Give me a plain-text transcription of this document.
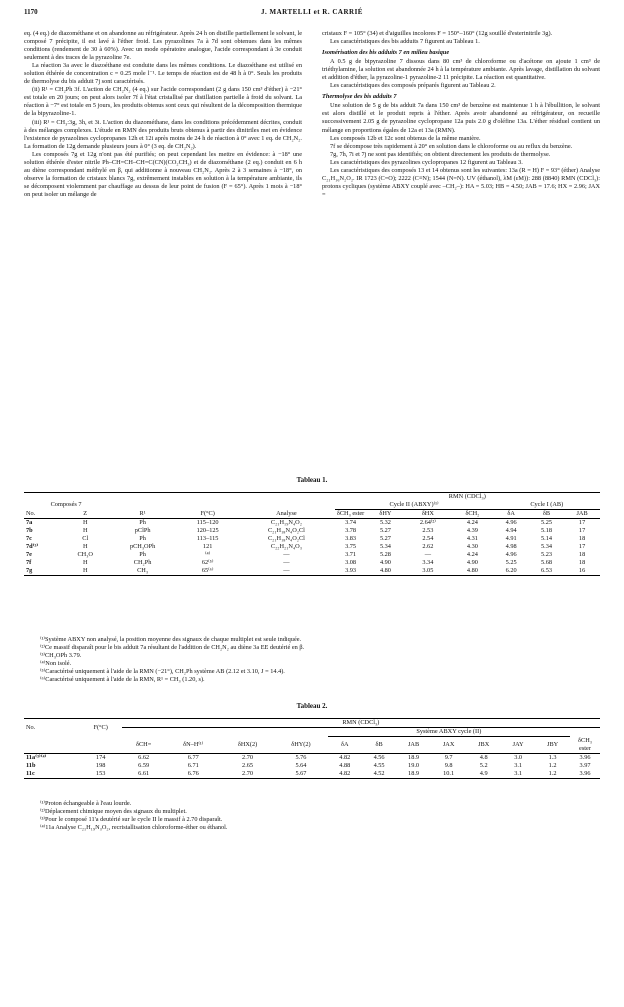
1170	J. MARTELLI et R. CARRIÉ

eq. (4 eq.) de diazométhane et on abandonne au réfrigérateur. Après 24 h on distille partiellement le solvant, le composé 7 précipite, il est lavé à l'éther froid. Les pyrazolines 7a à 7d sont obtenues dans les mêmes conditions (rendement de 30 à 60%). Avec un mode opératoire analogue, l'acide correspondant à 3e conduit seulement à des traces de la pyrazoline 7e.

La réaction 3a avec le diazoéthane est conduite dans les mêmes conditions. Le diazoéthane est utilisé en solution éthérée de concentration c = 0.25 mole l⁻¹. Le temps de réaction est de 48 h à 0°. Seuls les produits de thermolyse du bis adduit 7j sont caractérisés.

(ii) R¹ = CH₂Ph 3f. L'action de CH₂N₂ (4 eq.) sur l'acide correspondant (2 g dans 150 cm³ d'éther) à −21° est totale en 20 jours; on peut alors isoler 7f à l'état cristallisé par distillation partielle à froid du solvant. La réaction à −7° est totale en 5 jours, les produits obtenus sont ceux qui résultent de la décomposition thermique de la bipyrazoline-1.

(iii) R¹ = CH₃:3g, 3h, et 3i. L'action du diazométhane, dans les conditions précédemment décrites, conduit à des mélanges complexes. L'étude en RMN des produits bruts obtenus à partir des dinitriles met en évidence l'existence de pyrazolines cyclopropanes 12h et 12i après moins de 24 h de réaction à 0° avec 1 eq. de CH₂N₂. La formation de 12g demande plusieurs jours à 0° (3 eq. de CH₂N₂).

Les composés 7g et 12g n'ont pas été purifiés; on peut cependant les mettre en évidence: à −18° une solution éthérée d'ester nitrile Ph–CH=CH–CH=C(CN)(CO₂CH₃) et de diazométhane (2 eq.) conduit en 6 h au diène correspondant méthylé en β, qui additionne à nouveau CH₂N₂. Après 2 à 3 semaines à −18°, on observe la formation de cristaux blancs 7g, extrêmement instables en solution à la température ambiante, ils se décomposent violemment par chauffage au dessus de leur point de fusion (F = 65°). Après 1 mois à −18° on peut isoler un mélange de

cristaux F = 105° (34) et d'aiguilles incolores F = 150°–160° (12g souillé d'esterinitrile 3g).

Les caractéristiques des bis adduits 7 figurent au Tableau 1.

Isomérisation des bis adduits 7 en milieu basique

A 0.5 g de bipyrazoline 7 dissous dans 80 cm³ de chloroforme ou d'acétone on ajoute 1 cm³ de triéthylamine, la solution est abandonnée 24 h à la température ambiante. Après lavage, distillation du solvant et addition d'éther, la pyrazoline-1 pyrazoline-2 11 précipite. La réaction est quantitative.

Les caractéristiques des composés préparés figurent au Tableau 2.

Thermolyse des bis adduits 7

Une solution de 5 g de bis adduit 7a dans 150 cm³ de benzène est maintenue 1 h à l'ébullition, le solvant est alors distillé et le produit repris à l'éther. Après avoir abandonné au réfrigérateur, on recueille successivement 2.05 g de pyrazoline cyclopropane 12a puis 2.0 g d'oléfine 13a. L'éther résiduel contient un mélange en proportions égales de 12a et 13a (RMN).

Les composés 12b et 12c sont obtenus de la même manière.

7f se décompose très rapidement à 20° en solution dans le chloroforme ou au reflux du benzène.

7g, 7h, 7i et 7j ne sont pas identifiés; on obtient directement les produits de thermolyse.

Les caractéristiques des pyrazolines cyclopropanes 12 figurent au Tableau 3.

Les caractéristiques des composés 13 et 14 obtenus sont les suivantes: 13a (R = H) F = 93° (éther) Analyse C₂₁H₁₆N₂O₂. IR 1723 (C=O); 2222 (C≡N); 1544 (N=N). UV (éthanol), λM (εM)): 288 (8840) RMN (CDCl₃): protons cycliques (système ABXY couplé avec –CH₂–): HA = 5.03; HB = 4.50; JAB = 17.6; HX = 2.96; JAX =

Tableau 1.
					RMN (CDCl₃)						
Composés 7					Cycle II (ABXY)⁽¹⁾				Cycle I (AB)		
No.	Z	R¹	F(°C)	Analyse	δCH₃ ester	δHY	δHX	δCH₂	δA	δB	JAB
7a	H	Ph	115–120	C₂₁H₁₉N₄O₂	3.74	5.32	2.64⁽²⁾	4.24	4.96	5.25	17
7b	H	pClPh	120–125	C₂₁H₁₈N₄O₂Cl	3.78	5.27	2.53	4.39	4.94	5.18	17
7c	Cl	Ph	113–115	C₂₁H₁₈N₄O₂Cl	3.83	5.27	2.54	4.31	4.91	5.14	18
7d⁽³⁾	H	pCH₃OPh	121	C₂₂H₂₁N₄O₃	3.75	5.34	2.62	4.30	4.98	5.34	17
7e	CH₃O	Ph	⁽⁴⁾	—	3.71	5.28	—	4.24	4.96	5.23	18
7f	H	CH₂Ph	62⁽⁵⁾	—	3.08	4.90	3.34	4.90	5.25	5.68	18
7g	H	CH₃	65⁽⁶⁾	—	3.93	4.80	3.05	4.80	6.20	6.53	16
⁽¹⁾Système ABXY non analysé, la position moyenne des signaux de chaque multiplet est seule indiquée.
⁽²⁾Ce massif disparaît pour le bis adduit 7a résultant de l'addition de CH₂N₂ au diène 3a EE deutérié en β.
⁽³⁾CH₃OPh 3.79.
⁽⁴⁾Non isolé.
⁽⁵⁾Caractérisé uniquement à l'aide de la RMN (−21°), CH₂Ph système AB (2.12 et 3.10, J = 14.4).
⁽⁶⁾Caractérisé uniquement à l'aide de la RMN, R¹ = CH₃ (1.20, s).
Tableau 2.
No.	F(°C)	RMN (CDCl₃)											
						Système ABXY cycle (II)							
		δCH=	δN–H⁽¹⁾	δHX(2)	δHY(2)	δA	δB	JAB	JAX	JBX	JAY	JBY	δCH₃ ester
11a⁽³⁾⁽⁴⁾	174	6.62	6.77	2.70	5.76	4.82	4.56	18.9	9.7	4.8	3.0	1.3	3.96
11b	198	6.59	6.71	2.65	5.64	4.88	4.55	19.0	9.8	5.2	3.1	1.2	3.97
11c	153	6.61	6.76	2.70	5.67	4.82	4.52	18.9	10.1	4.9	3.1	1.2	3.96
⁽¹⁾Proton échangeable à l'eau lourde.
⁽²⁾Déplacement chimique moyen des signaux du multiplet.
⁽³⁾Pour le composé 11'a deutérié sur le cycle II le massif à 2.70 disparaît.
⁽⁴⁾11a Analyse C₂₁H₁₉N₃O₂, recristallisation chloroforme-éther ou éthanol.
